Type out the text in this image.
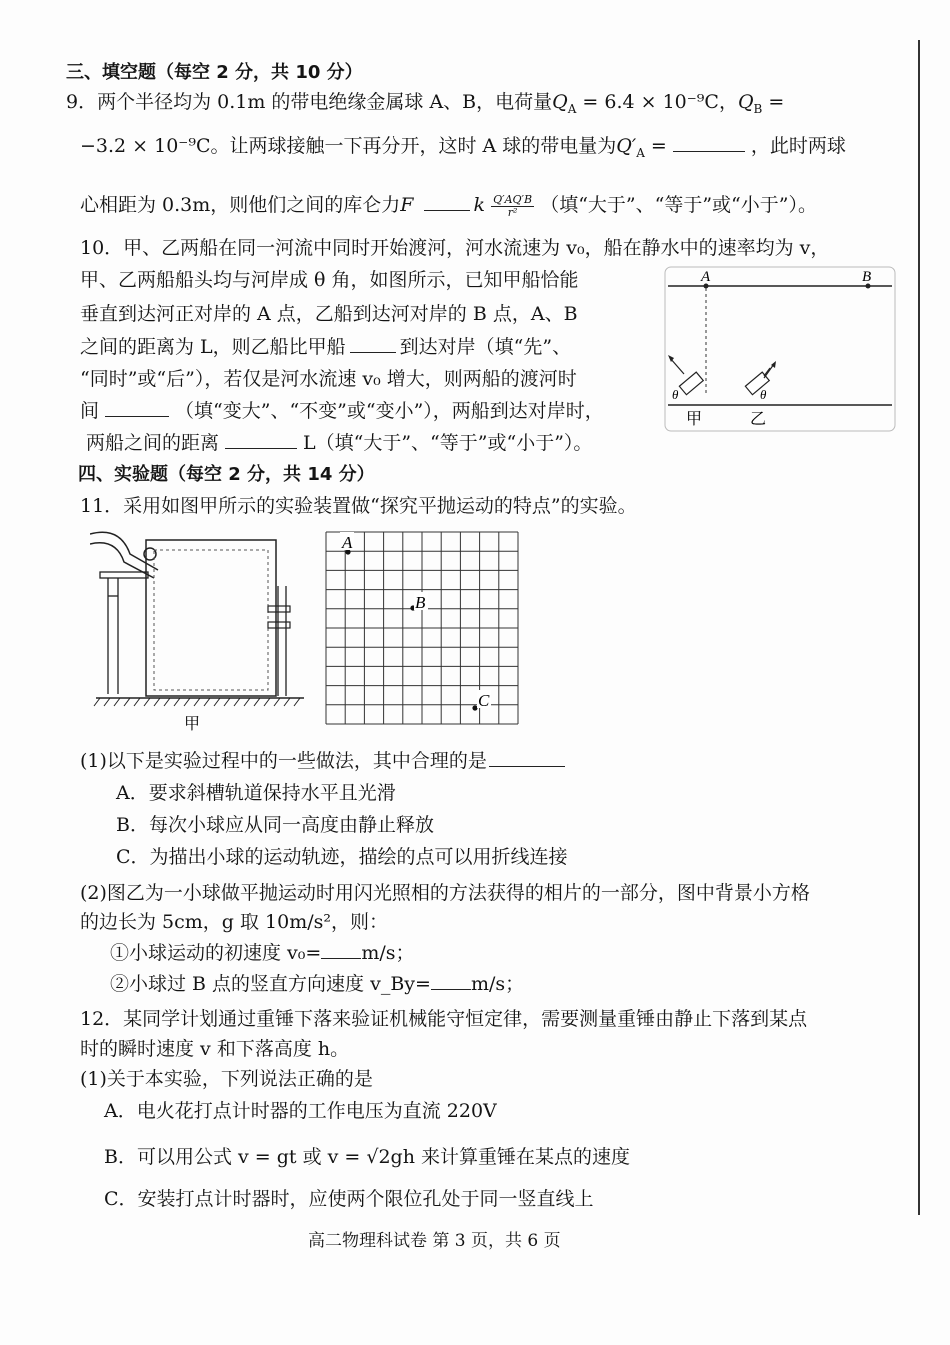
三、填空题（每空 2 分，共 10 分）
9．两个半径均为 0.1m 的带电绝缘金属球 A、B，电荷量$Q_A = 6.4 \times 10^{-9}C$，$Q_B$ =
−3.2 × 10⁻⁹C。让两球接触一下再分开，这时 A 球的带电量为$Q'_A$ =	，此时两球
心相距为 0.3m，则他们之间的库仑力F	k $\frac{Q'AQ'B}{\text{r²}}$ （填“大于”、“等于”或“小于”）。
10．甲、乙两船在同一河流中同时开始渡河，河水流速为 v₀，船在静水中的速率均为 v，
甲、乙两船船头均与河岸成 θ 角，如图所示，已知甲船恰能
垂直到达河正对岸的 A 点，乙船到达河对岸的 B 点，A、B
之间的距离为 L，则乙船比甲船	到达对岸（填“先”、
“同时”或“后”），若仅是河水流速 v₀ 增大，则两船的渡河时
间	（填“变大”、“不变”或“变小”），两船到达对岸时，
两船之间的距离	L（填“大于”、“等于”或“小于”）。
A	B
θ	θ
甲	乙
四、实验题（每空 2 分，共 14 分）
11．采用如图甲所示的实验装置做“探究平抛运动的特点”的实验。
甲
A
B
C
(1)以下是实验过程中的一些做法，其中合理的是
A．要求斜槽轨道保持水平且光滑
B．每次小球应从同一高度由静止释放
C．为描出小球的运动轨迹，描绘的点可以用折线连接
(2)图乙为一小球做平抛运动时用闪光照相的方法获得的相片的一部分，图中背景小方格
的边长为 5cm，g 取 10m/s²，则：
①小球运动的初速度 v₀= m/s；
②小球过 B 点的竖直方向速度 v_By= m/s；
12．某同学计划通过重锤下落来验证机械能守恒定律，需要测量重锤由静止下落到某点
时的瞬时速度 v 和下落高度 h。
(1)关于本实验，下列说法正确的是
A．电火花打点计时器的工作电压为直流 220V
B．可以用公式 v = gt 或 v = √2gh 来计算重锤在某点的速度
C．安装打点计时器时，应使两个限位孔处于同一竖直线上
高二物理科试卷 第 3 页，共 6 页
